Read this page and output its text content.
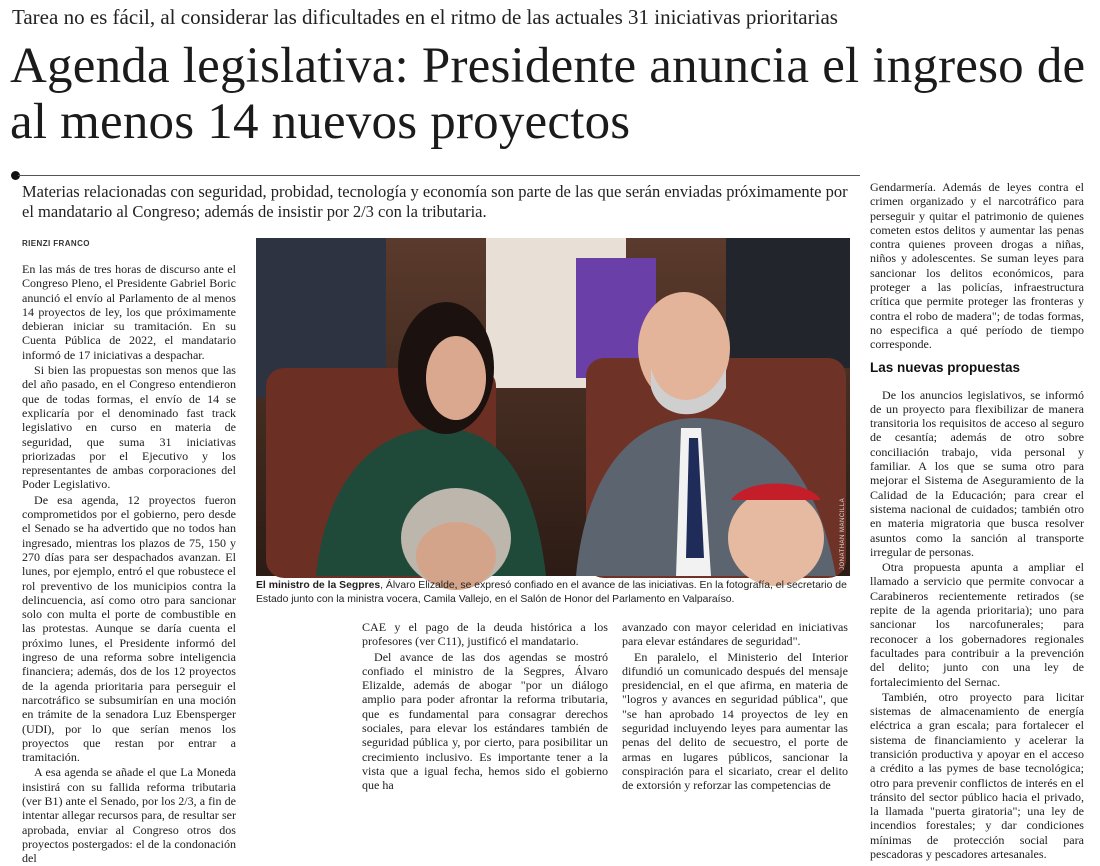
Tarea no es fácil, al considerar las dificultades en el ritmo de las actuales 31 iniciativas prioritarias
Agenda legislativa: Presidente anuncia el ingreso de al menos 14 nuevos proyectos
Materias relacionadas con seguridad, probidad, tecnología y economía son parte de las que serán enviadas próximamente por el mandatario al Congreso; además de insistir por 2/3 con la tributaria.
RIENZI FRANCO

En las más de tres horas de discurso ante el Congreso Pleno, el Presidente Gabriel Boric anunció el envío al Parlamento de al menos 14 proyectos de ley, los que próximamente debieran iniciar su tramitación. En su Cuenta Pública de 2022, el mandatario informó de 17 iniciativas a despachar.

Si bien las propuestas son menos que las del año pasado, en el Congreso entendieron que de todas formas, el envío de 14 se explicaría por el denominado fast track legislativo en curso en materia de seguridad, que suma 31 iniciativas priorizadas por el Ejecutivo y los representantes de ambas corporaciones del Poder Legislativo.

De esa agenda, 12 proyectos fueron comprometidos por el gobierno, pero desde el Senado se ha advertido que no todos han ingresado, mientras los plazos de 75, 150 y 270 días para ser despachados avanzan. El lunes, por ejemplo, entró el que robustece el rol preventivo de los municipios contra la delincuencia, así como otro para sancionar solo con multa el porte de combustible en las protestas. Aunque se daría cuenta el próximo lunes, el Presidente informó del ingreso de una reforma sobre inteligencia financiera; además, dos de los 12 proyectos de la agenda prioritaria para perseguir el narcotráfico se subsumirían en una moción en trámite de la senadora Luz Ebensperger (UDI), por lo que serían menos los proyectos que restan por entrar a tramitación.

A esa agenda se añade el que La Moneda insistirá con su fallida reforma tributaria (ver B1) ante el Senado, por los 2/3, a fin de intentar allegar recursos para, de resultar ser aprobada, enviar al Congreso otros dos proyectos postergados: el de la condonación del

JONATHAN MANCILLA
El ministro de la Segpres, Álvaro Elizalde, se expresó confiado en el avance de las iniciativas. En la fotografía, el secretario de Estado junto con la ministra vocera, Camila Vallejo, en el Salón de Honor del Parlamento en Valparaíso.

CAE y el pago de la deuda histórica a los profesores (ver C11), justificó el mandatario.

Del avance de las dos agendas se mostró confiado el ministro de la Segpres, Álvaro Elizalde, además de abogar "por un diálogo amplio para poder afrontar la reforma tributaria, que es fundamental para consagrar derechos sociales, para elevar los estándares también de seguridad pública y, por cierto, para posibilitar un crecimiento inclusivo. Es importante tener a la vista que a igual fecha, hemos sido el gobierno que ha

avanzado con mayor celeridad en iniciativas para elevar estándares de seguridad".

En paralelo, el Ministerio del Interior difundió un comunicado después del mensaje presidencial, en el que afirma, en materia de "logros y avances en seguridad pública", que "se han aprobado 14 proyectos de ley en seguridad incluyendo leyes para aumentar las penas del delito de secuestro, el porte de armas en lugares públicos, sancionar la conspiración para el sicariato, crear el delito de extorsión y reforzar las competencias de

Gendarmería. Además de leyes contra el crimen organizado y el narcotráfico para perseguir y quitar el patrimonio de quienes cometen estos delitos y aumentar las penas contra quienes proveen drogas a niñas, niños y adolescentes. Se suman leyes para sancionar los delitos económicos, para proteger a las policías, infraestructura crítica que permite proteger las fronteras y contra el robo de madera"; de todas formas, no especifica a qué período de tiempo corresponde.

Las nuevas propuestas

De los anuncios legislativos, se informó de un proyecto para flexibilizar de manera transitoria los requisitos de acceso al seguro de cesantía; además de otro sobre conciliación trabajo, vida personal y familiar. A los que se suma otro para mejorar el Sistema de Aseguramiento de la Calidad de la Educación; para crear el sistema nacional de cuidados; también otro en materia migratoria que busca resolver asuntos como la sanción al transporte irregular de personas.

Otra propuesta apunta a ampliar el llamado a servicio que permite convocar a Carabineros recientemente retirados (se repite de la agenda prioritaria); uno para sancionar los narcofunerales; para reconocer a los gobernadores regionales facultades para contribuir a la prevención del delito; junto con una ley de fortalecimiento del Sernac.

También, otro proyecto para licitar sistemas de almacenamiento de energía eléctrica a gran escala; para fortalecer el sistema de financiamiento y acelerar la transición productiva y apoyar en el acceso a crédito a las pymes de base tecnológica; otro para prevenir conflictos de interés en el tránsito del sector público hacia el privado, la llamada "puerta giratoria"; una ley de incendios forestales; y dar condiciones mínimas de protección social para pescadoras y pescadores artesanales.
